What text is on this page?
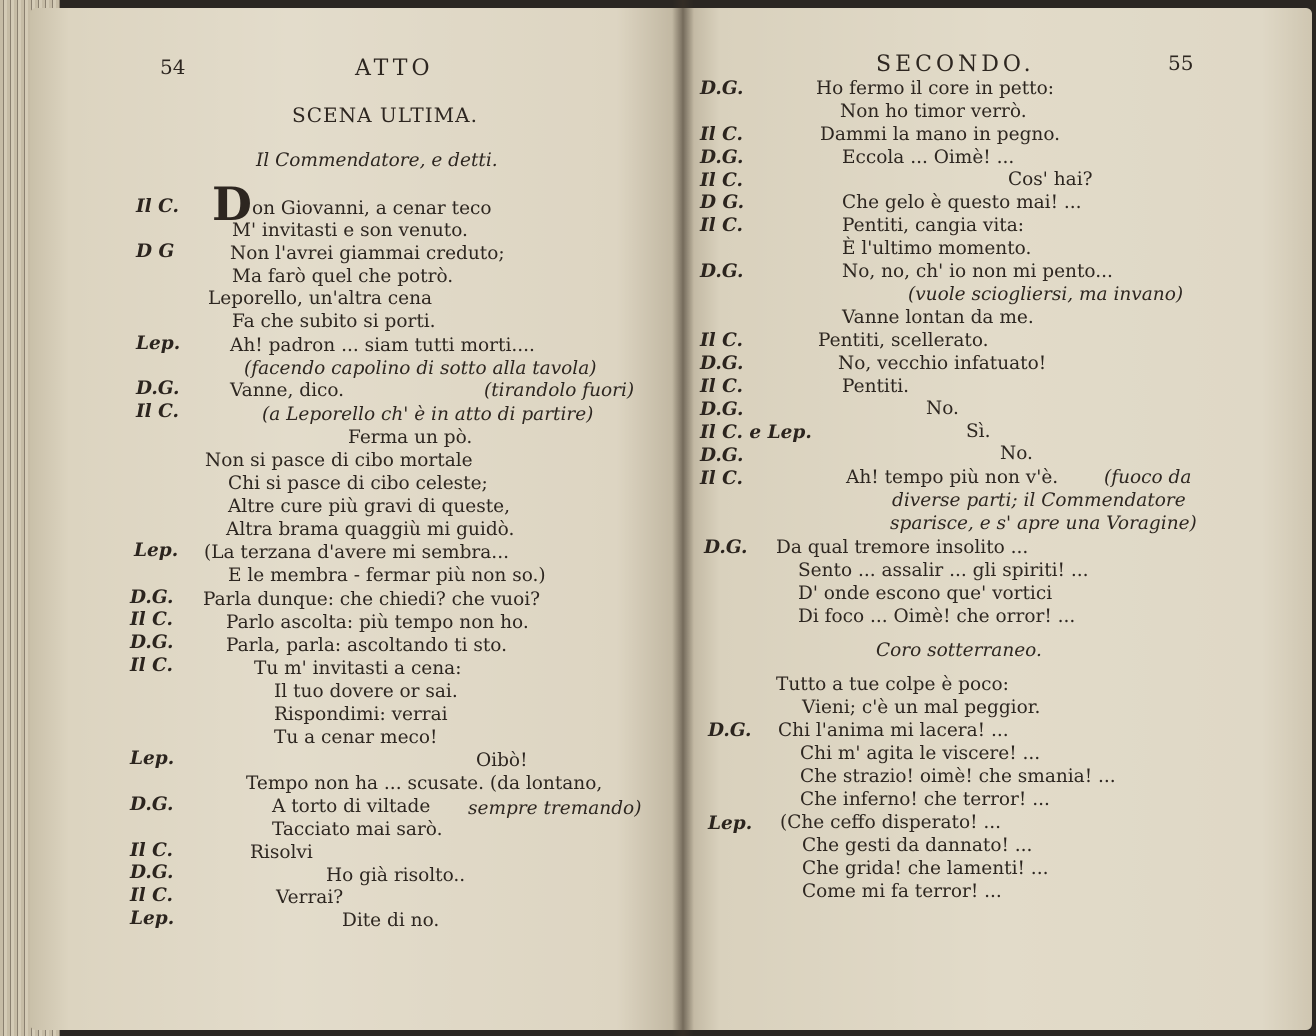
54	ATTO
SCENA ULTIMA.
Il Commendatore, e detti.
D
Il C.	on Giovanni, a cenar teco
M' invitasti e son venuto.
D G	Non l'avrei giammai creduto;
Ma farò quel che potrò.
Leporello, un'altra cena
Fa che subito si porti.
Lep.	Ah! padron ... siam tutti morti....
(facendo capolino di sotto alla tavola)
D.G.	Vanne, dico.	(tirandolo fuori)
Il C.	(a Leporello ch' è in atto di partire)
Ferma un pò.
Non si pasce di cibo mortale
Chi si pasce di cibo celeste;
Altre cure più gravi di queste,
Altra brama quaggiù mi guidò.
Lep. (La terzana d'avere mi sembra...
E le membra - fermar più non so.)
D.G. Parla dunque: che chiedi? che vuoi?
Il C.	Parlo ascolta: più tempo non ho.
D.G.	Parla, parla: ascoltando ti sto.
Il C.	Tu m' invitasti a cena:
Il tuo dovere or sai.
Rispondimi: verrai
Tu a cenar meco!
Lep.	Oibò!
Tempo non ha ... scusate. (da lontano,
D.G.	A torto di viltade sempre tremando)
Tacciato mai sarò.
Il C.	Risolvi
D.G.	Ho già risolto..
Il C.	Verrai?
Lep.	Dite di no.
SECONDO.	55
D.G.	Ho fermo il core in petto:
Non ho timor verrò.
Il C.	Dammi la mano in pegno.
D.G.	Eccola ... Oimè! ...
Il C.	Cos' hai?
D G.	Che gelo è questo mai! ...
Il C.	Pentiti, cangia vita:
È l'ultimo momento.
D.G.	No, no, ch' io non mi pento...
(vuole sciogliersi, ma invano)
Vanne lontan da me.
Il C.	Pentiti, scellerato.
D.G.	No, vecchio infatuato!
Il C.	Pentiti.
D.G.	No.
Il C. e Lep.	Sì.
D.G.	No.
Il C.	Ah! tempo più non v'è. (fuoco da
diverse parti; il Commendatore
sparisce, e s' apre una Voragine)
D.G. Da qual tremore insolito ...
Sento ... assalir ... gli spiriti! ...
D' onde escono que' vortici
Di foco ... Oimè! che orror! ...
Coro sotterraneo.
Tutto a tue colpe è poco:
Vieni; c'è un mal peggior.
D.G. Chi l'anima mi lacera! ...
Chi m' agita le viscere! ...
Che strazio! oimè! che smania! ...
Che inferno! che terror! ...
Lep. (Che ceffo disperato! ...
Che gesti da dannato! ...
Che grida! che lamenti! ...
Come mi fa terror! ...
